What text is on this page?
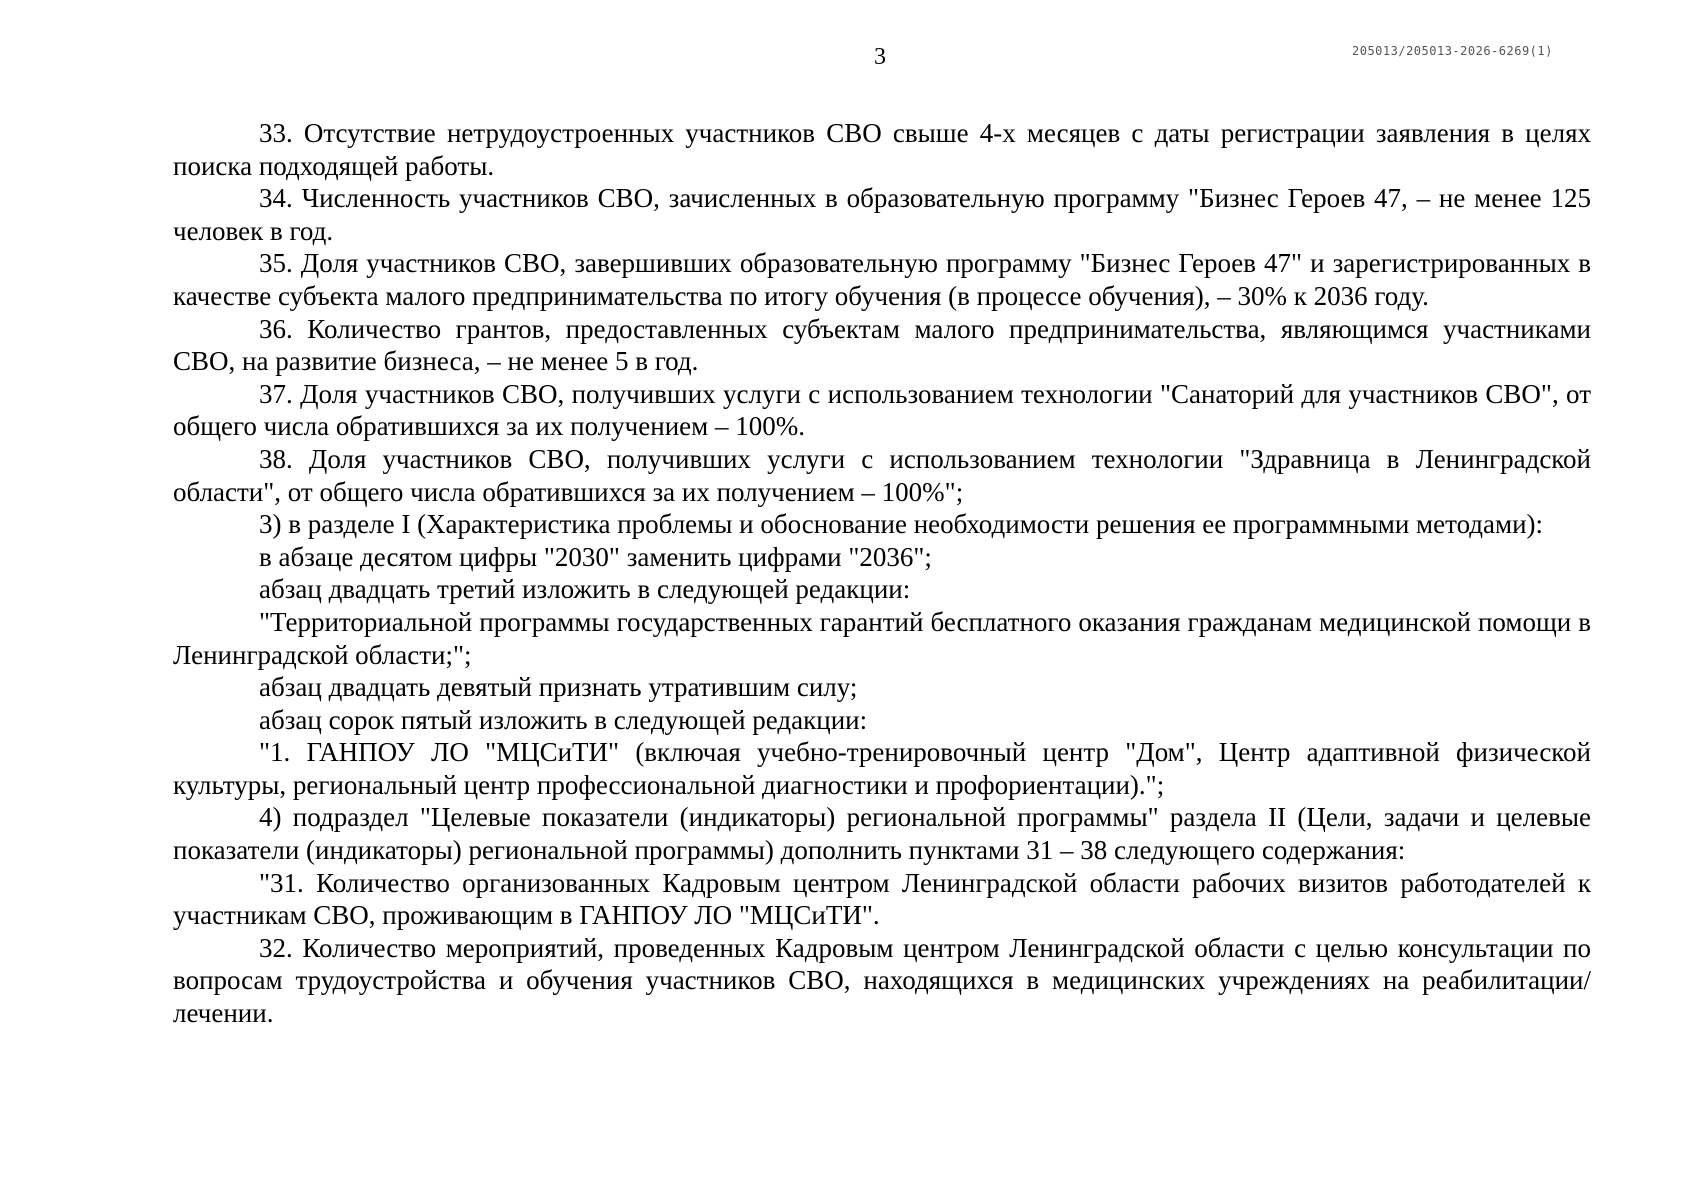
3	205013/205013-2026-6269(1)

33. Отсутствие нетрудоустроенных участников СВО свыше 4-х месяцев с даты регистрации заявления в целях поиска подходящей работы.

34. Численность участников СВО, зачисленных в образовательную программу "Бизнес Героев 47, – не менее 125 человек в год.

35. Доля участников СВО, завершивших образовательную программу "Бизнес Героев 47" и зарегистрированных в качестве субъекта малого предпринимательства по итогу обучения (в процессе обучения), – 30% к 2036 году.

36. Количество грантов, предоставленных субъектам малого предпринимательства, являющимся участниками СВО, на развитие бизнеса, – не менее 5 в год.

37. Доля участников СВО, получивших услуги с использованием технологии "Санаторий для участников СВО", от общего числа обратившихся за их получением – 100%.

38. Доля участников СВО, получивших услуги с использованием технологии "Здравница в Ленинградской области", от общего числа обратившихся за их получением – 100%";

3) в разделе I (Характеристика проблемы и обоснование необходимости решения ее программными методами):

в абзаце десятом цифры "2030" заменить цифрами "2036";

абзац двадцать третий изложить в следующей редакции:

"Территориальной программы государственных гарантий бесплатного оказания гражданам медицинской помощи в Ленинградской области;";

абзац двадцать девятый признать утратившим силу;

абзац сорок пятый изложить в следующей редакции:

"1. ГАНПОУ ЛО "МЦСиТИ" (включая учебно-тренировочный центр "Дом", Центр адаптивной физической культуры, региональный центр профессиональной диагностики и профориентации).";

4) подраздел "Целевые показатели (индикаторы) региональной программы" раздела II (Цели, задачи и целевые показатели (индикаторы) региональной программы) дополнить пунктами 31 – 38 следующего содержания:

"31. Количество организованных Кадровым центром Ленинградской области рабочих визитов работодателей к участникам СВО, проживающим в ГАНПОУ ЛО "МЦСиТИ".

32. Количество мероприятий, проведенных Кадровым центром Ленинградской области с целью консультации по вопросам трудоустройства и обучения участников СВО, находящихся в медицинских учреждениях на реабилитации/лечении.
